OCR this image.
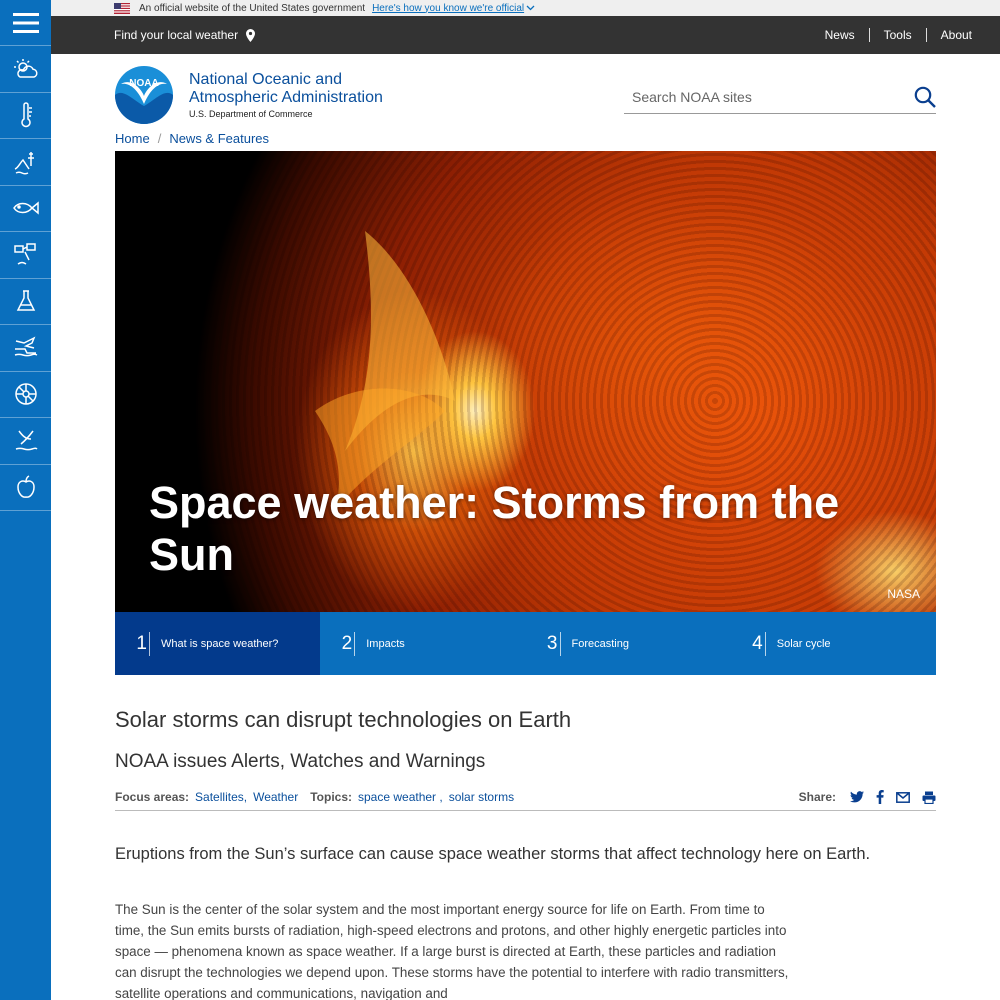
An official website of the United States government Here's how you know we're official
Find your local weather	News	Tools	About
NOAA National Oceanic and
Atmospheric Administration
U.S. Department of Commerce
Search NOAA sites
Home / News & Features
Space weather: Storms from the Sun
NASA
1 What is space weather?	2 Impacts	3 Forecasting	4 Solar cycle
Solar storms can disrupt technologies on Earth
NOAA issues Alerts, Watches and Warnings
Focus areas: Satellites, Weather Topics: space weather , solar storms	Share:

Eruptions from the Sun’s surface can cause space weather storms that affect technology here on Earth.

The Sun is the center of the solar system and the most important energy source for life on Earth. From time to time, the Sun emits bursts of radiation, high-speed electrons and protons, and other highly energetic particles into space — phenomena known as space weather. If a large burst is directed at Earth, these particles and radiation can disrupt the technologies we depend upon. These storms have the potential to interfere with radio transmitters, satellite operations and communications, navigation and
